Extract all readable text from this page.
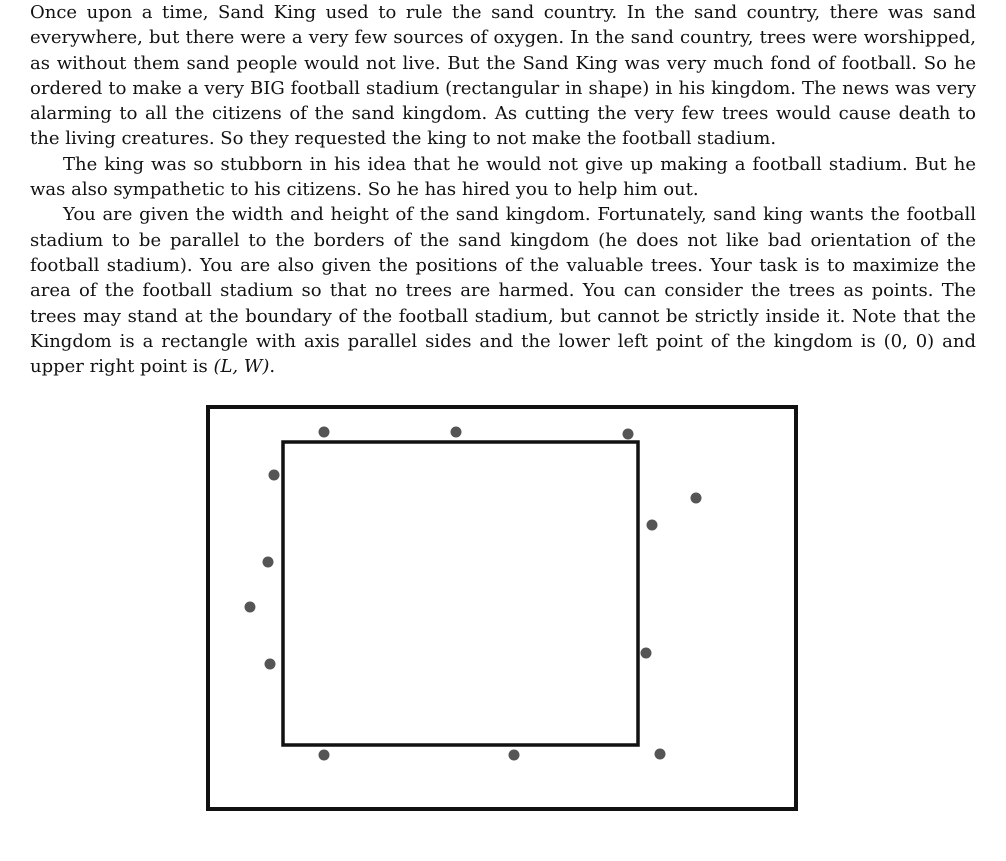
Once upon a time, Sand King used to rule the sand country. In the sand country, there was sand everywhere, but there were a very few sources of oxygen. In the sand country, trees were worshipped, as without them sand people would not live. But the Sand King was very much fond of football. So he ordered to make a very BIG football stadium (rectangular in shape) in his kingdom. The news was very alarming to all the citizens of the sand kingdom. As cutting the very few trees would cause death to the living creatures. So they requested the king to not make the football stadium.

The king was so stubborn in his idea that he would not give up making a football stadium. But he was also sympathetic to his citizens. So he has hired you to help him out.

You are given the width and height of the sand kingdom. Fortunately, sand king wants the football stadium to be parallel to the borders of the sand kingdom (he does not like bad orientation of the football stadium). You are also given the positions of the valuable trees. Your task is to maximize the area of the football stadium so that no trees are harmed. You can consider the trees as points. The trees may stand at the boundary of the football stadium, but cannot be strictly inside it. Note that the Kingdom is a rectangle with axis parallel sides and the lower left point of the kingdom is (0, 0) and upper right point is (L, W).
